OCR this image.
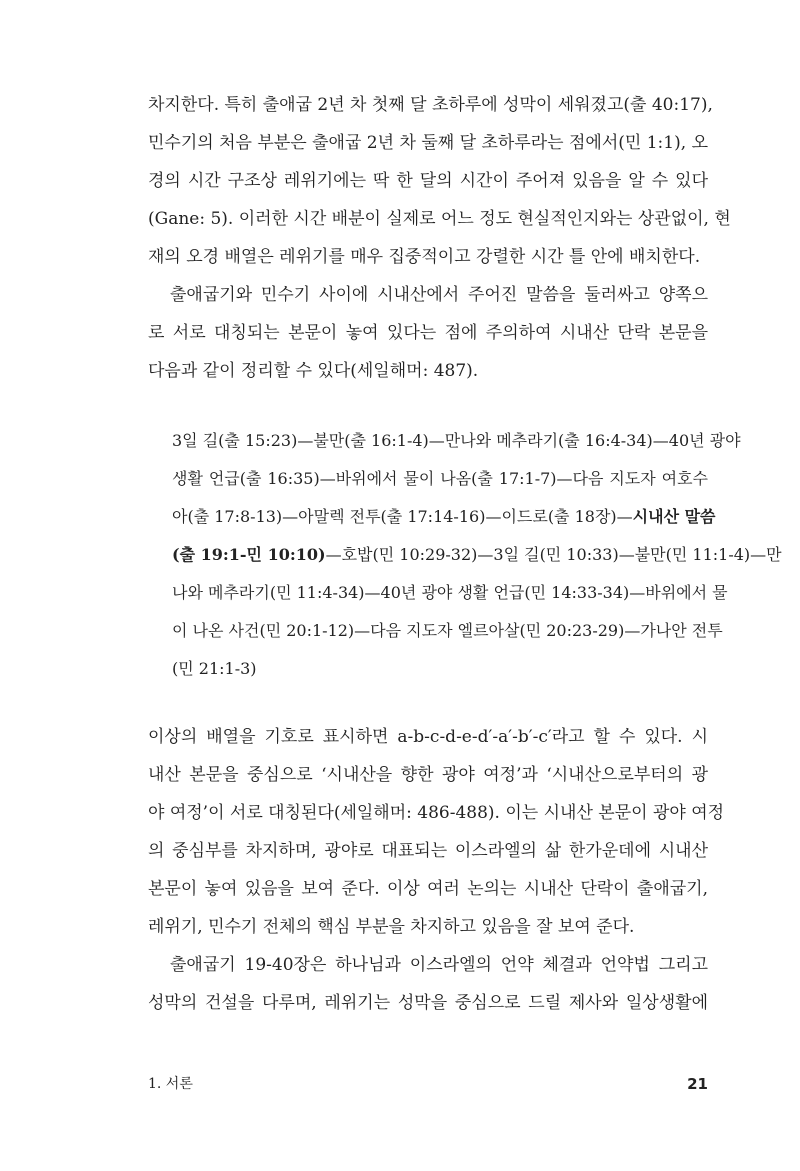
차지한다. 특히 출애굽 2년 차 첫째 달 초하루에 성막이 세워졌고(출 40:17),
민수기의 처음 부분은 출애굽 2년 차 둘째 달 초하루라는 점에서(민 1:1), 오
경의 시간 구조상 레위기에는 딱 한 달의 시간이 주어져 있음을 알 수 있다
(Gane: 5). 이러한 시간 배분이 실제로 어느 정도 현실적인지와는 상관없이, 현
재의 오경 배열은 레위기를 매우 집중적이고 강렬한 시간 틀 안에 배치한다.
출애굽기와 민수기 사이에 시내산에서 주어진 말씀을 둘러싸고 양쪽으
로 서로 대칭되는 본문이 놓여 있다는 점에 주의하여 시내산 단락 본문을
다음과 같이 정리할 수 있다(세일해머: 487).
3일 길(출 15:23)—불만(출 16:1-4)—만나와 메추라기(출 16:4-34)—40년 광야
생활 언급(출 16:35)—바위에서 물이 나옴(출 17:1-7)—다음 지도자 여호수
아(출 17:8-13)—아말렉 전투(출 17:14-16)—이드로(출 18장)—시내산 말씀
(출 19:1-민 10:10)—호밥(민 10:29-32)—3일 길(민 10:33)—불만(민 11:1-4)—만
나와 메추라기(민 11:4-34)—40년 광야 생활 언급(민 14:33-34)—바위에서 물
이 나온 사건(민 20:1-12)—다음 지도자 엘르아살(민 20:23-29)—가나안 전투
(민 21:1-3)
이상의 배열을 기호로 표시하면 a-b-c-d-e-d′-a′-b′-c′라고 할 수 있다. 시
내산 본문을 중심으로 ‘시내산을 향한 광야 여정’과 ‘시내산으로부터의 광
야 여정’이 서로 대칭된다(세일해머: 486-488). 이는 시내산 본문이 광야 여정
의 중심부를 차지하며, 광야로 대표되는 이스라엘의 삶 한가운데에 시내산
본문이 놓여 있음을 보여 준다. 이상 여러 논의는 시내산 단락이 출애굽기,
레위기, 민수기 전체의 핵심 부분을 차지하고 있음을 잘 보여 준다.
출애굽기 19-40장은 하나님과 이스라엘의 언약 체결과 언약법 그리고
성막의 건설을 다루며, 레위기는 성막을 중심으로 드릴 제사와 일상생활에
1. 서론	21
